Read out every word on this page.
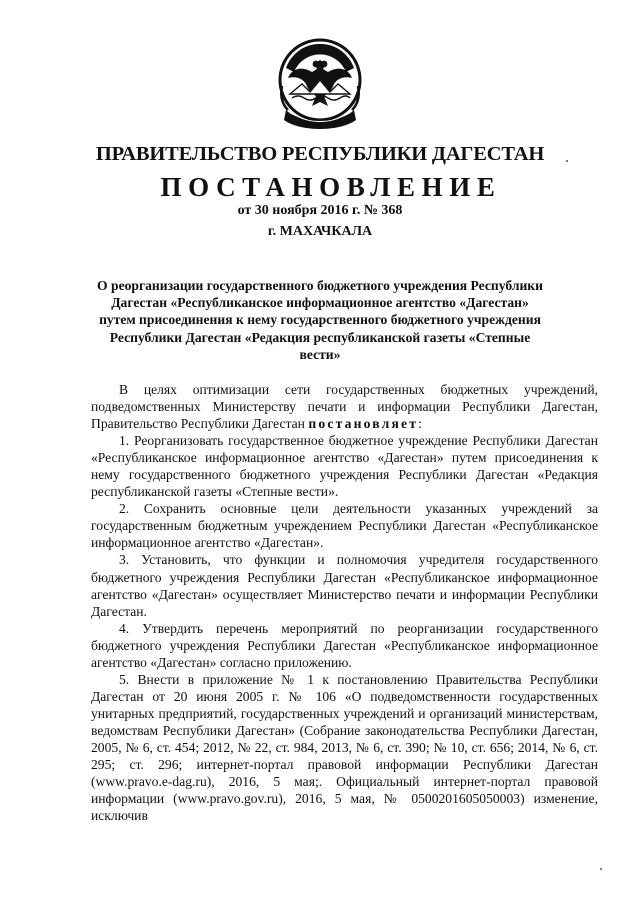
ПРАВИТЕЛЬСТВО РЕСПУБЛИКИ ДАГЕСТАН
ПОСТАНОВЛЕНИЕ
от 30 ноября 2016 г. № 368
г. МАХАЧКАЛА
О реорганизации государственного бюджетного учреждения Республики Дагестан «Республиканское информационное агентство «Дагестан» путем присоединения к нему государственного бюджетного учреждения Республики Дагестан «Редакция республиканской газеты «Степные вести»

В целях оптимизации сети государственных бюджетных учреждений, подведомственных Министерству печати и информации Республики Дагестан, Правительство Республики Дагестан постановляет:

1. Реорганизовать государственное бюджетное учреждение Республики Дагестан «Республиканское информационное агентство «Дагестан» путем присоединения к нему государственного бюджетного учреждения Республики Дагестан «Редакция республиканской газеты «Степные вести».

2. Сохранить основные цели деятельности указанных учреждений за государственным бюджетным учреждением Республики Дагестан «Республиканское информационное агентство «Дагестан».

3. Установить, что функции и полномочия учредителя государственного бюджетного учреждения Республики Дагестан «Республиканское информационное агентство «Дагестан» осуществляет Министерство печати и информации Республики Дагестан.

4. Утвердить перечень мероприятий по реорганизации государственного бюджетного учреждения Республики Дагестан «Республиканское информационное агентство «Дагестан» согласно приложению.

5. Внести в приложение № 1 к постановлению Правительства Республики Дагестан от 20 июня 2005 г. № 106 «О подведомственности государственных унитарных предприятий, государственных учреждений и организаций министерствам, ведомствам Республики Дагестан» (Собрание законодательства Республики Дагестан, 2005, № 6, ст. 454; 2012, № 22, ст. 984, 2013, № 6, ст. 390; № 10, ст. 656; 2014, № 6, ст. 295; ст. 296; интернет-портал правовой информации Республики Дагестан (www.pravo.e-dag.ru), 2016, 5 мая;. Официальный интернет-портал правовой информации (www.pravo.gov.ru), 2016, 5 мая, № 0500201605050003) изменение, исключив
